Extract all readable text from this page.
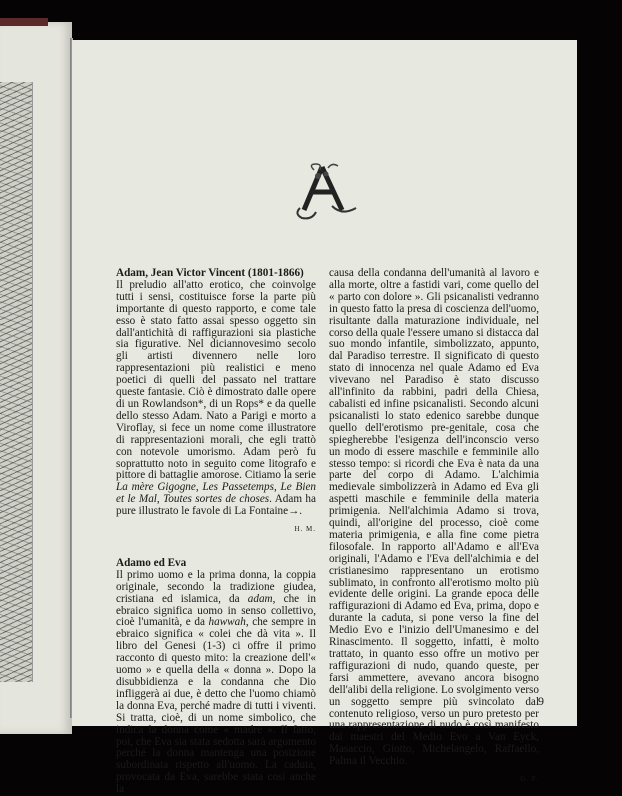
Adam, Jean Victor Vincent (1801-1866)

Il preludio all'atto erotico, che coinvolge tutti i sensi, costituisce forse la parte più importante di questo rapporto, e come tale esso è stato fatto assai spesso oggetto sin dall'antichità di raffigurazioni sia plastiche sia figurative. Nel diciannovesimo secolo gli artisti divennero nelle loro rappresentazioni più realistici e meno poetici di quelli del passato nel trattare queste fantasie. Ciò è dimostrato dalle opere di un Rowlandson*, di un Rops* e da quelle dello stesso Adam. Nato a Parigi e morto a Viroflay, si fece un nome come illustratore di rappresentazioni morali, che egli trattò con notevole umorismo. Adam però fu soprattutto noto in seguito come litografo e pittore di battaglie amorose. Citiamo la serie La mère Gigogne, Les Passetemps, Le Bien et le Mal, Toutes sortes de choses. Adam ha pure illustrato le favole di La Fontaine→.

H. M.
Adamo ed Eva

Il primo uomo e la prima donna, la coppia originale, secondo la tradizione giudea, cristiana ed islamica, da adam, che in ebraico significa uomo in senso collettivo, cioè l'umanità, e da hawwah, che sempre in ebraico significa « colei che dà vita ». Il libro del Genesi (1-3) ci offre il primo racconto di questo mito: la creazione dell'« uomo » e quella della « donna ». Dopo la disubbidienza e la condanna che Dio infliggerà ai due, è detto che l'uomo chiamò la donna Eva, perché madre di tutti i viventi. Si tratta, cioè, di un nome simbolico, che indica la donna come « madre ». Il fatto, poi, che Eva sia stata sedotta sarà argomento perché la donna mantenga una posizione subordinata rispetto all'uomo. La caduta, provocata da Eva, sarebbe stata così anche la

causa della condanna dell'umanità al lavoro e alla morte, oltre a fastidi vari, come quello del « parto con dolore ». Gli psicanalisti vedranno in questo fatto la presa di coscienza dell'uomo, risultante dalla maturazione individuale, nel corso della quale l'essere umano si distacca dal suo mondo infantile, simbolizzato, appunto, dal Paradiso terrestre. Il significato di questo stato di innocenza nel quale Adamo ed Eva vivevano nel Paradiso è stato discusso all'infinito da rabbini, padri della Chiesa, cabalisti ed infine psicanalisti. Secondo alcuni psicanalisti lo stato edenico sarebbe dunque quello dell'erotismo pre-genitale, cosa che spiegherebbe l'esigenza dell'inconscio verso un modo di essere maschile e femminile allo stesso tempo: si ricordi che Eva è nata da una parte del corpo di Adamo. L'alchimia medievale simbolizzerà in Adamo ed Eva gli aspetti maschile e femminile della materia primigenia. Nell'alchimia Adamo si trova, quindi, all'origine del processo, cioè come materia primigenia, e alla fine come pietra filosofale. In rapporto all'Adamo e all'Eva originali, l'Adamo e l'Eva dell'alchimia e del cristianesimo rappresentano un erotismo sublimato, in confronto all'erotismo molto più evidente delle origini. La grande epoca delle raffigurazioni di Adamo ed Eva, prima, dopo e durante la caduta, si pone verso la fine del Medio Evo e l'inizio dell'Umanesimo e del Rinascimento. Il soggetto, infatti, è molto trattato, in quanto esso offre un motivo per raffigurazioni di nudo, quando queste, per farsi ammettere, avevano ancora bisogno dell'alibi della religione. Lo svolgimento verso un soggetto sempre più svincolato dal contenuto religioso, verso un puro pretesto per una rappresentazione di nudo è così manifesto dai maestri del Medio Evo a Van Eyck, Masaccio, Giotto, Michelangelo, Raffaello, Palma il Vecchio.

G. F.
9
